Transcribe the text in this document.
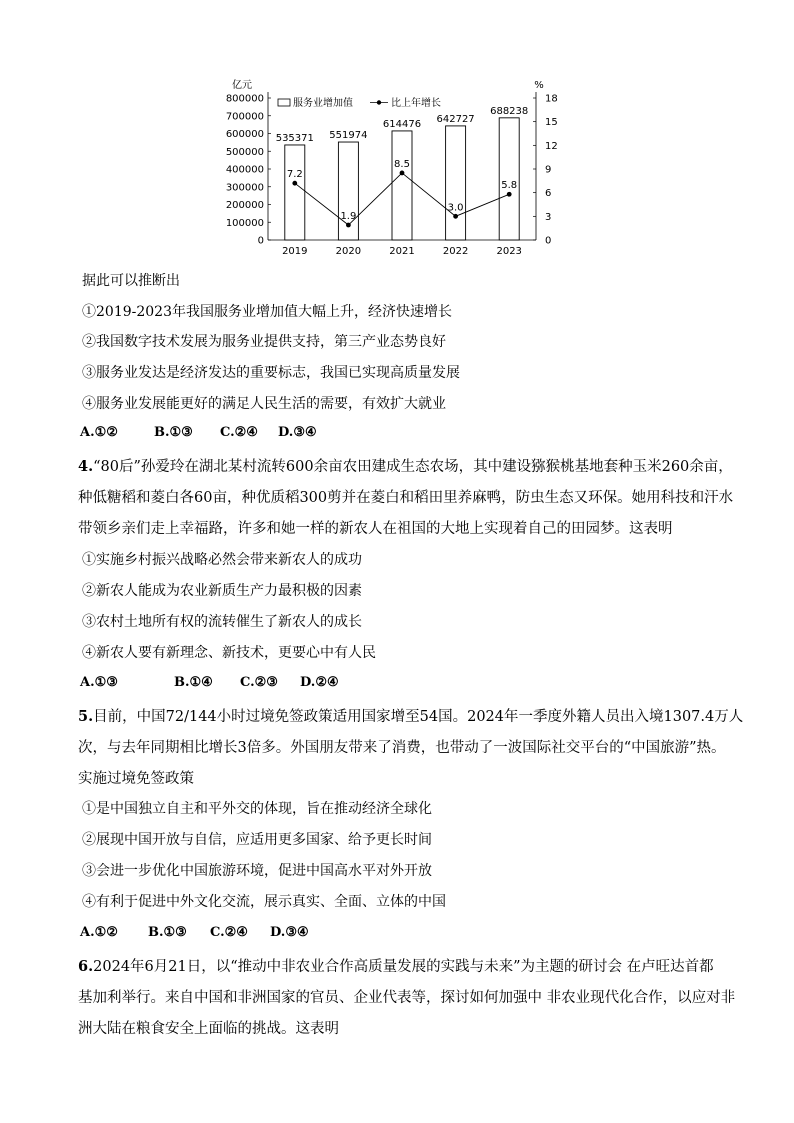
亿元	%
0
100000
200000
300000
400000
500000
600000
700000
800000
0
3
6
9
12
15
18
2019	2020	2021	2022	2023
服务业增加值	比上年增长
535371 551974
614476 642727
688238
7.2
1.9
8.5
3.0
5.8
据此可以推断出
①2019-2023年我国服务业增加值大幅上升，经济快速增长
②我国数字技术发展为服务业提供支持，第三产业态势良好
③服务业发达是经济发达的重要标志，我国已实现高质量发展
④服务业发展能更好的满足人民生活的需要，有效扩大就业
A.①②	B.①③ C.②④ D.③④
4.“80后”孙爱玲在湖北某村流转600余亩农田建成生态农场，其中建设猕猴桃基地套种玉米260余亩，
种低糖稻和菱白各60亩，种优质稻300剪并在菱白和稻田里养麻鸭，防虫生态又环保。她用科技和汗水
带领乡亲们走上幸福路，许多和她一样的新农人在祖国的大地上实现着自己的田园梦。这表明
①实施乡村振兴战略必然会带来新农人的成功
②新农人能成为农业新质生产力最积极的因素
③农村土地所有权的流转催生了新农人的成长
④新农人要有新理念、新技术，更要心中有人民
A.①③	B.①④ C.②③ D.②④
5.目前，中国72/144小时过境免签政策适用国家增至54国。2024年一季度外籍人员出入境1307.4万人
次，与去年同期相比增长3倍多。外国朋友带来了消费，也带动了一波国际社交平台的“中国旅游”热。
实施过境免签政策
①是中国独立自主和平外交的体现，旨在推动经济全球化
②展现中国开放与自信，应适用更多国家、给予更长时间
③会进一步优化中国旅游环境，促进中国高水平对外开放
④有利于促进中外文化交流，展示真实、全面、立体的中国
A.①② B.①③ C.②④ D.③④
6.2024年6月21日，以“推动中非农业合作高质量发展的实践与未来”为主题的研讨会 在卢旺达首都
基加利举行。来自中国和非洲国家的官员、企业代表等，探讨如何加强中 非农业现代化合作，以应对非
洲大陆在粮食安全上面临的挑战。这表明
